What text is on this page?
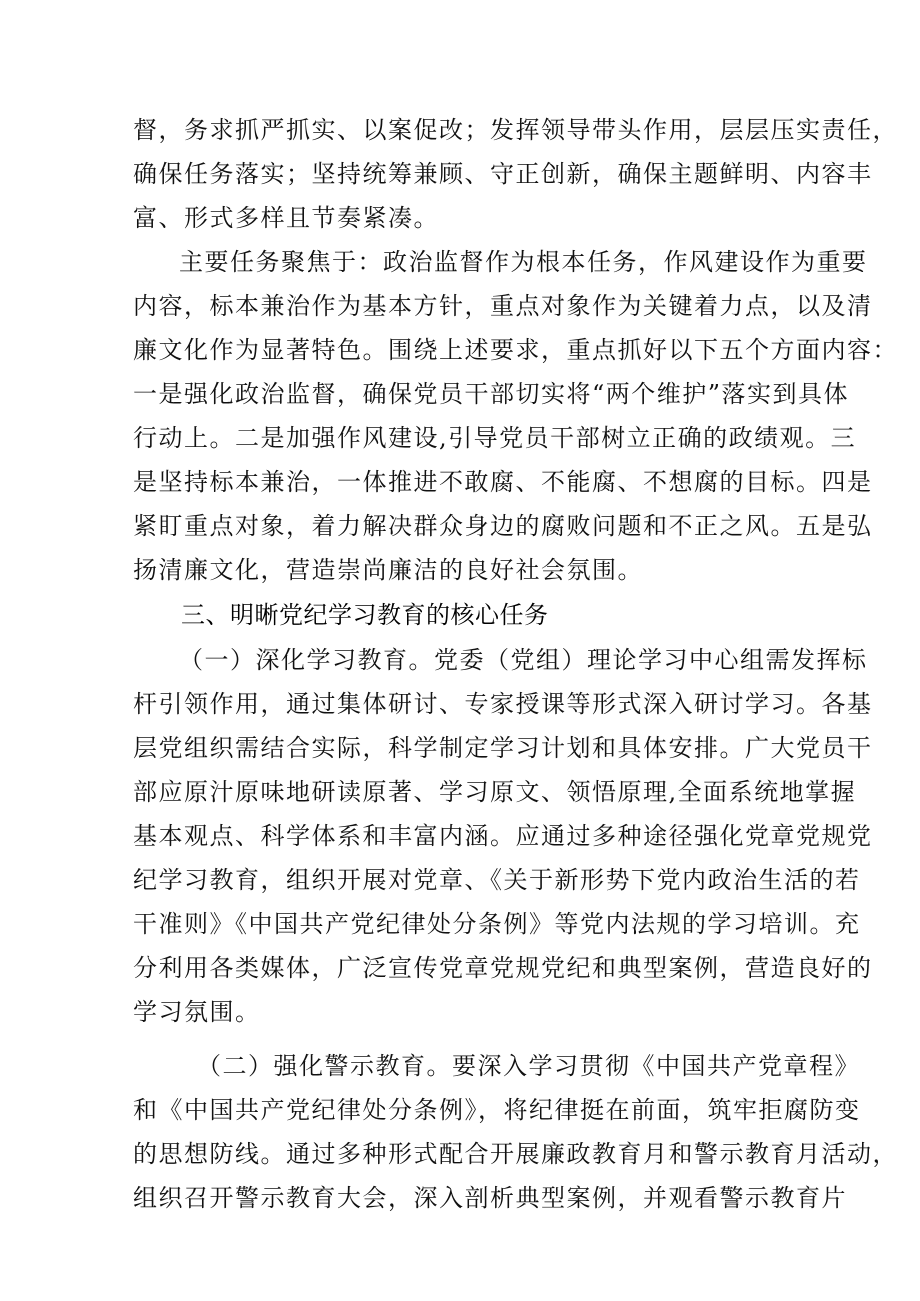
督，务求抓严抓实、以案促改；发挥领导带头作用，层层压实责任，
确保任务落实；坚持统筹兼顾、守正创新，确保主题鲜明、内容丰
富、形式多样且节奏紧凑。
主要任务聚焦于：政治监督作为根本任务，作风建设作为重要
内容，标本兼治作为基本方针，重点对象作为关键着力点，以及清
廉文化作为显著特色。围绕上述要求，重点抓好以下五个方面内容：
一是强化政治监督，确保党员干部切实将“两个维护”落实到具体
行动上。二是加强作风建设,引导党员干部树立正确的政绩观。三
是坚持标本兼治，一体推进不敢腐、不能腐、不想腐的目标。四是
紧盯重点对象，着力解决群众身边的腐败问题和不正之风。五是弘
扬清廉文化，营造崇尚廉洁的良好社会氛围。
三、明晰党纪学习教育的核心任务
（一）深化学习教育。党委（党组）理论学习中心组需发挥标
杆引领作用，通过集体研讨、专家授课等形式深入研讨学习。各基
层党组织需结合实际，科学制定学习计划和具体安排。广大党员干
部应原汁原味地研读原著、学习原文、领悟原理,全面系统地掌握
基本观点、科学体系和丰富内涵。应通过多种途径强化党章党规党
纪学习教育，组织开展对党章、《关于新形势下党内政治生活的若
干准则》《中国共产党纪律处分条例》等党内法规的学习培训。充
分利用各类媒体，广泛宣传党章党规党纪和典型案例，营造良好的
学习氛围。
（二）强化警示教育。要深入学习贯彻《中国共产党章程》
和《中国共产党纪律处分条例》，将纪律挺在前面，筑牢拒腐防变
的思想防线。通过多种形式配合开展廉政教育月和警示教育月活动，
组织召开警示教育大会，深入剖析典型案例，并观看警示教育片
